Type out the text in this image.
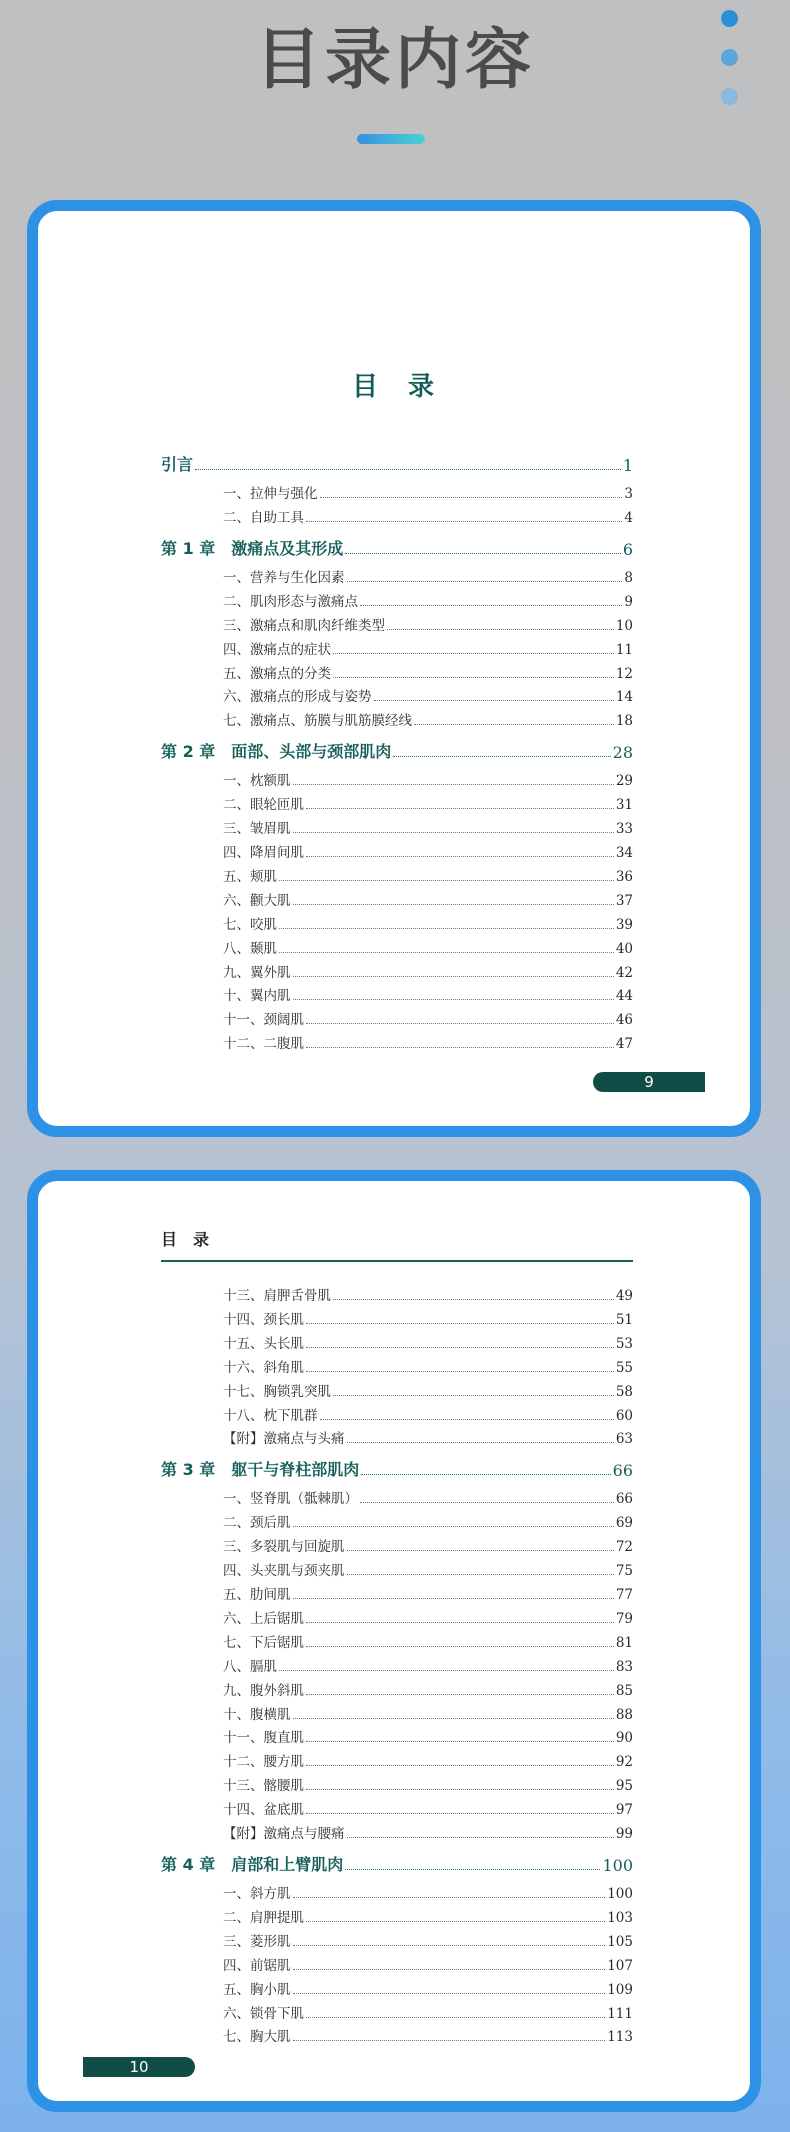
目录内容
目　录
引言	1
一、拉伸与强化	3
二、自助工具	4
第 1 章　激痛点及其形成	6
一、营养与生化因素	8
二、肌肉形态与激痛点	9
三、激痛点和肌肉纤维类型	10
四、激痛点的症状	11
五、激痛点的分类	12
六、激痛点的形成与姿势	14
七、激痛点、筋膜与肌筋膜经线	18
第 2 章　面部、头部与颈部肌肉	28
一、枕额肌	29
二、眼轮匝肌	31
三、皱眉肌	33
四、降眉间肌	34
五、颊肌	36
六、颧大肌	37
七、咬肌	39
八、颞肌	40
九、翼外肌	42
十、翼内肌	44
十一、颈阔肌	46
十二、二腹肌	47
9
目　录
十三、肩胛舌骨肌	49
十四、颈长肌	51
十五、头长肌	53
十六、斜角肌	55
十七、胸锁乳突肌	58
十八、枕下肌群	60
【附】激痛点与头痛	63
第 3 章　躯干与脊柱部肌肉	66
一、竖脊肌（骶棘肌）	66
二、颈后肌	69
三、多裂肌与回旋肌	72
四、头夹肌与颈夹肌	75
五、肋间肌	77
六、上后锯肌	79
七、下后锯肌	81
八、膈肌	83
九、腹外斜肌	85
十、腹横肌	88
十一、腹直肌	90
十二、腰方肌	92
十三、髂腰肌	95
十四、盆底肌	97
【附】激痛点与腰痛	99
第 4 章　肩部和上臂肌肉	100
一、斜方肌	100
二、肩胛提肌	103
三、菱形肌	105
四、前锯肌	107
五、胸小肌	109
六、锁骨下肌	111
七、胸大肌	113
10
